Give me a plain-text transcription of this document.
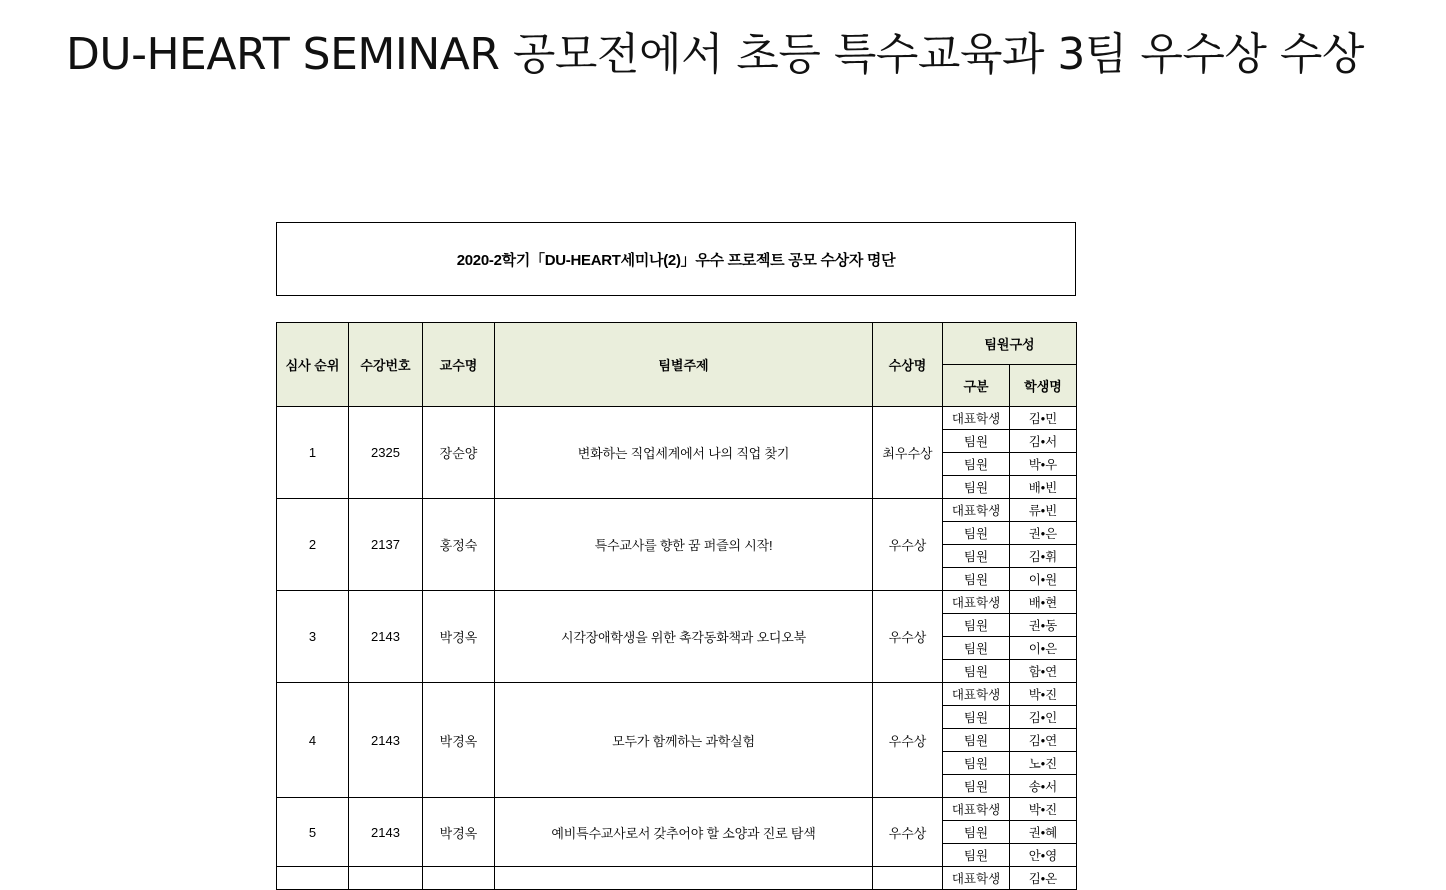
DU-HEART SEMINAR 공모전에서 초등 특수교육과 3팀 우수상 수상
2020-2학기「DU-HEART세미나(2)」우수 프로젝트 공모 수상자 명단
심사 순위	수강번호	교수명	팀별주제	수상명	팀원구성	
					구분	학생명
1	2325	장순양	변화하는 직업세계에서 나의 직업 찾기	최우수상	대표학생	김•민
					팀원	김•서
					팀원	박•우
					팀원	배•빈
2	2137	홍정숙	특수교사를 향한 꿈 퍼즐의 시작!	우수상	대표학생	류•빈
					팀원	권•은
					팀원	김•휘
					팀원	이•원
3	2143	박경옥	시각장애학생을 위한 촉각동화책과 오디오북	우수상	대표학생	배•현
					팀원	권•동
					팀원	이•은
					팀원	함•연
4	2143	박경옥	모두가 함께하는 과학실험	우수상	대표학생	박•진
					팀원	김•인
					팀원	김•연
					팀원	노•진
					팀원	송•서
5	2143	박경옥	예비특수교사로서 갖추어야 할 소양과 진로 탐색	우수상	대표학생	박•진
					팀원	권•혜
					팀원	안•영
					대표학생	김•온
